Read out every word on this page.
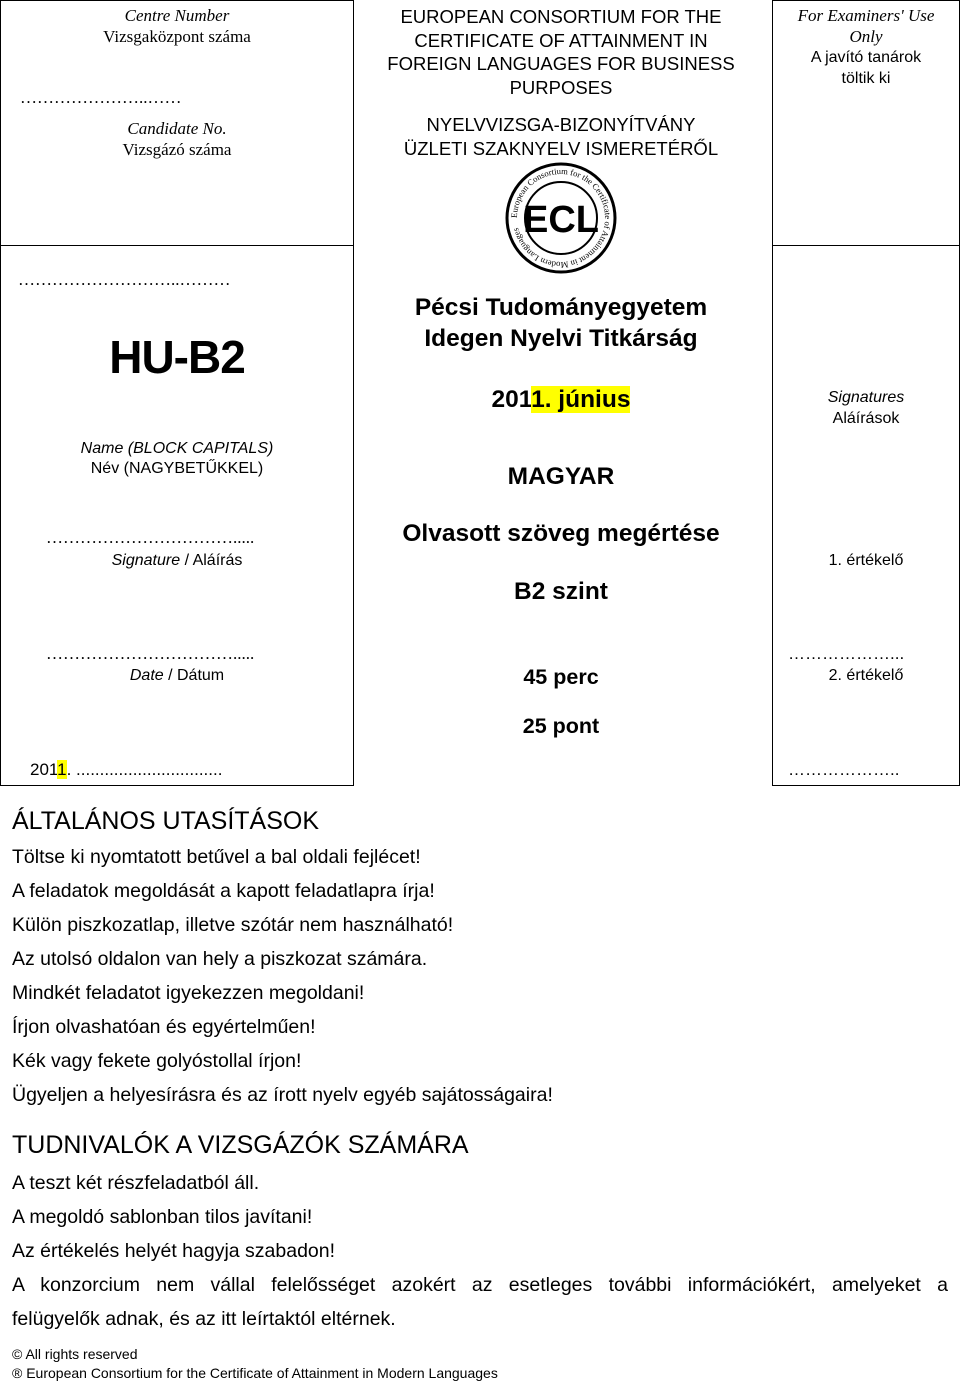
Centre Number
Vizsgaközpont száma
…………………..……
Candidate No.
Vizsgázó száma
………………………..………
HU-B2
Name (BLOCK CAPITALS)
Név (NAGYBETŰKKEL)
…………………………….....
Signature / Aláírás
…………………………….....
Date / Dátum
2011. ...............................
EUROPEAN CONSORTIUM FOR THE
CERTIFICATE OF ATTAINMENT IN
FOREIGN LANGUAGES FOR BUSINESS
PURPOSES
NYELVVIZSGA-BIZONYÍTVÁNY
ÜZLETI SZAKNYELV ISMERETÉRŐL
European Consortium for the Certificate of Attainment in Modern Languages ECL
Pécsi Tudományegyetem
Idegen Nyelvi Titkárság
2011. június
MAGYAR
Olvasott szöveg megértése
B2 szint
45 perc
25 pont
For Examiners' Use
Only
A javító tanárok
töltik ki
Signatures
Aláírások
1. értékelő
………………...
2. értékelő
………………..
ÁLTALÁNOS UTASÍTÁSOK
Töltse ki nyomtatott betűvel a bal oldali fejlécet!
A feladatok megoldását a kapott feladatlapra írja!
Külön piszkozatlap, illetve szótár nem használható!
Az utolsó oldalon van hely a piszkozat számára.
Mindkét feladatot igyekezzen megoldani!
Írjon olvashatóan és egyértelműen!
Kék vagy fekete golyóstollal írjon!
Ügyeljen a helyesírásra és az írott nyelv egyéb sajátosságaira!
TUDNIVALÓK A VIZSGÁZÓK SZÁMÁRA
A teszt két részfeladatból áll.
A megoldó sablonban tilos javítani!
Az értékelés helyét hagyja szabadon!
A konzorcium nem vállal felelősséget azokért az esetleges további információkért, amelyeket a
felügyelők adnak, és az itt leírtaktól eltérnek.
© All rights reserved
® European Consortium for the Certificate of Attainment in Modern Languages
